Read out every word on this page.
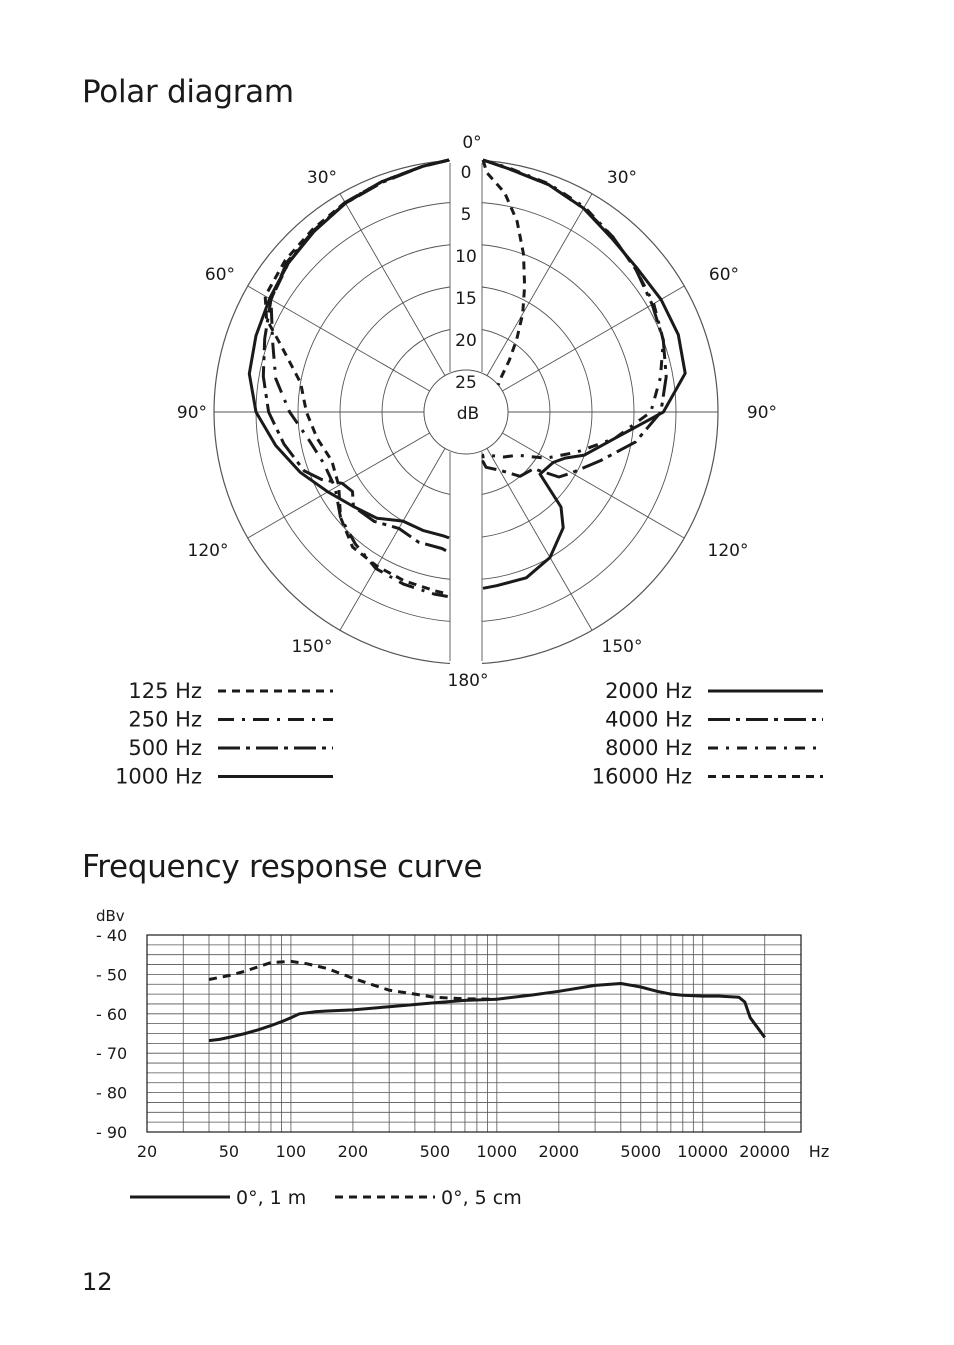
Polar diagram
Frequency response curve
12
0
5
10
15
20
25
dB
0°
30°
60°
90°
120°
150°
180°
30°
60°
90°
120°
150°
125 Hz
250 Hz
500 Hz
1000 Hz
2000 Hz
4000 Hz
8000 Hz
16000 Hz
20	50 100 200	500 1000 2000	5000 10000 20000 Hz
- 40
- 50
- 60
- 70
- 80
- 90
dBv
0°, 1 m	0°, 5 cm
